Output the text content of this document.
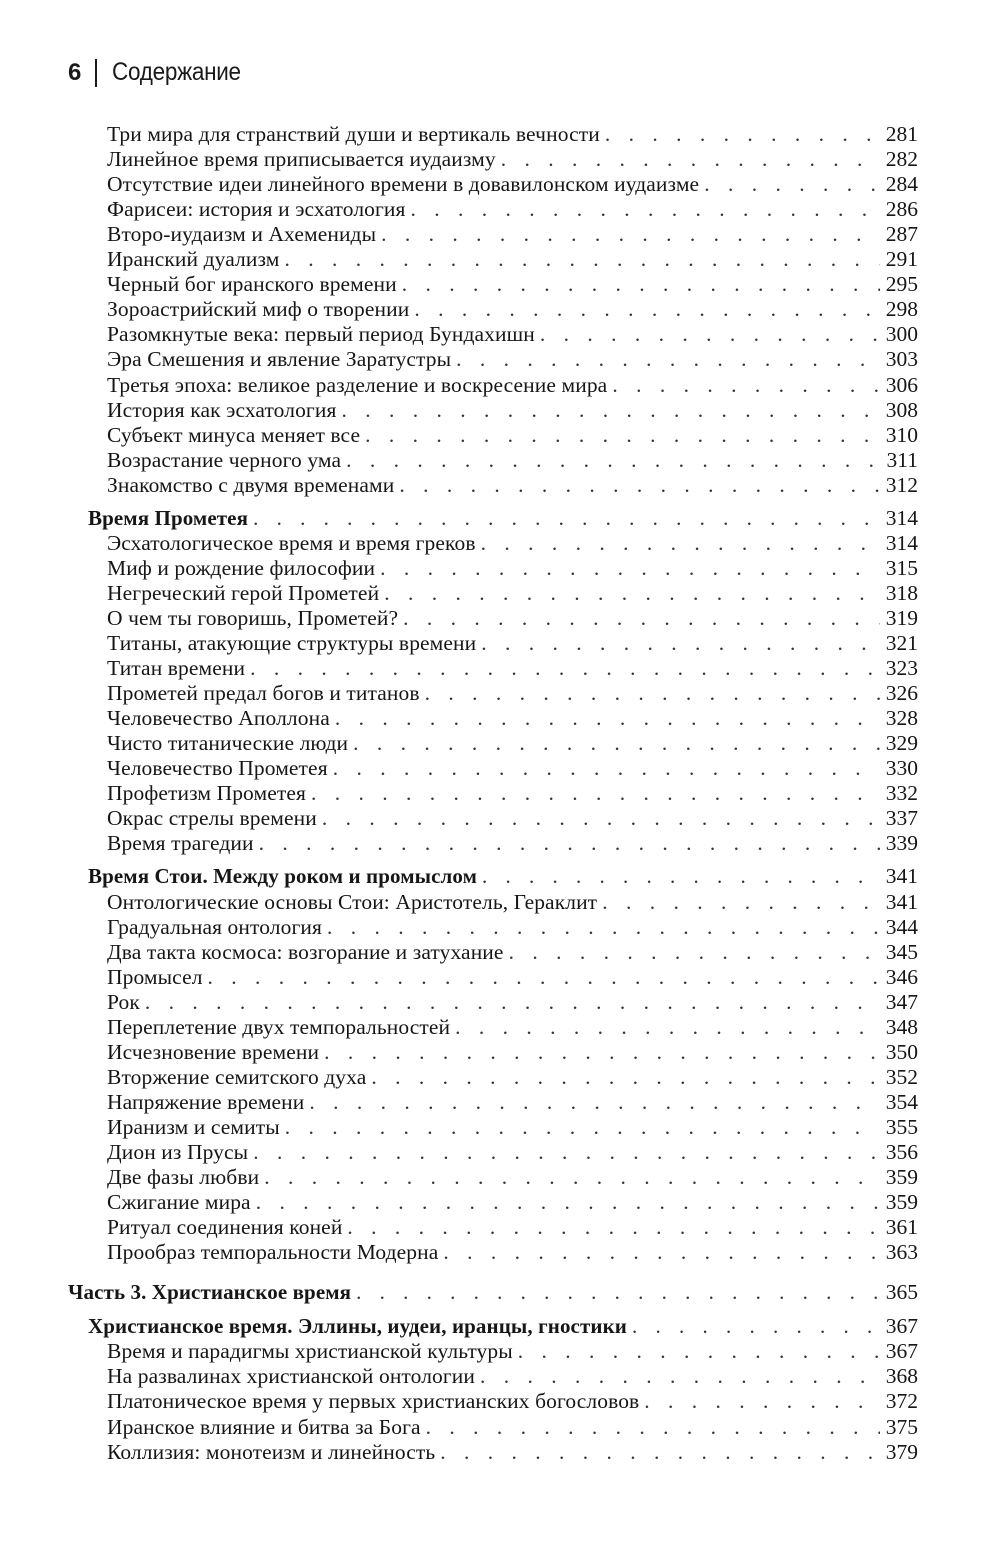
6 Содержание
Три мира для странствий души и вертикаль вечности . . .	281
Линейное время приписывается иудаизму . . .	282
Отсутствие идеи линейного времени в довавилонском иудаизме . . .	284
Фарисеи: история и эсхатология . . .	286
Второ-иудаизм и Ахемениды . . .	287
Иранский дуализм . . .	291
Черный бог иранского времени . . .	295
Зороастрийский миф о творении . . .	298
Разомкнутые века: первый период Бундахишн . . .	300
Эра Смешения и явление Заратустры . . .	303
Третья эпоха: великое разделение и воскресение мира . . .	306
История как эсхатология . . .	308
Субъект минуса меняет все . . .	310
Возрастание черного ума . . .	311
Знакомство с двумя временами . . .	312
Время Прометея . . .	314
Эсхатологическое время и время греков . . .	314
Миф и рождение философии . . .	315
Негреческий герой Прометей . . .	318
О чем ты говоришь, Прометей? . . .	319
Титаны, атакующие структуры времени . . .	321
Титан времени . . .	323
Прометей предал богов и титанов . . .	326
Человечество Аполлона . . .	328
Чисто титанические люди . . .	329
Человечество Прометея . . .	330
Профетизм Прометея . . .	332
Окрас стрелы времени . . .	337
Время трагедии . . .	339
Время Стои. Между роком и промыслом . . .	341
Онтологические основы Стои: Аристотель, Гераклит . . .	341
Градуальная онтология . . .	344
Два такта космоса: возгорание и затухание . . .	345
Промысел . . .	346
Рок . . .	347
Переплетение двух темпоральностей . . .	348
Исчезновение времени . . .	350
Вторжение семитского духа . . .	352
Напряжение времени . . .	354
Иранизм и семиты . . .	355
Дион из Прусы . . .	356
Две фазы любви . . .	359
Сжигание мира . . .	359
Ритуал соединения коней . . .	361
Прообраз темпоральности Модерна . . .	363
Часть 3. Христианское время . . .	365
Христианское время. Эллины, иудеи, иранцы, гностики . . .	367
Время и парадигмы христианской культуры . . .	367
На развалинах христианской онтологии . . .	368
Платоническое время у первых христианских богословов . . .	372
Иранское влияние и битва за Бога . . .	375
Коллизия: монотеизм и линейность . . .	379
